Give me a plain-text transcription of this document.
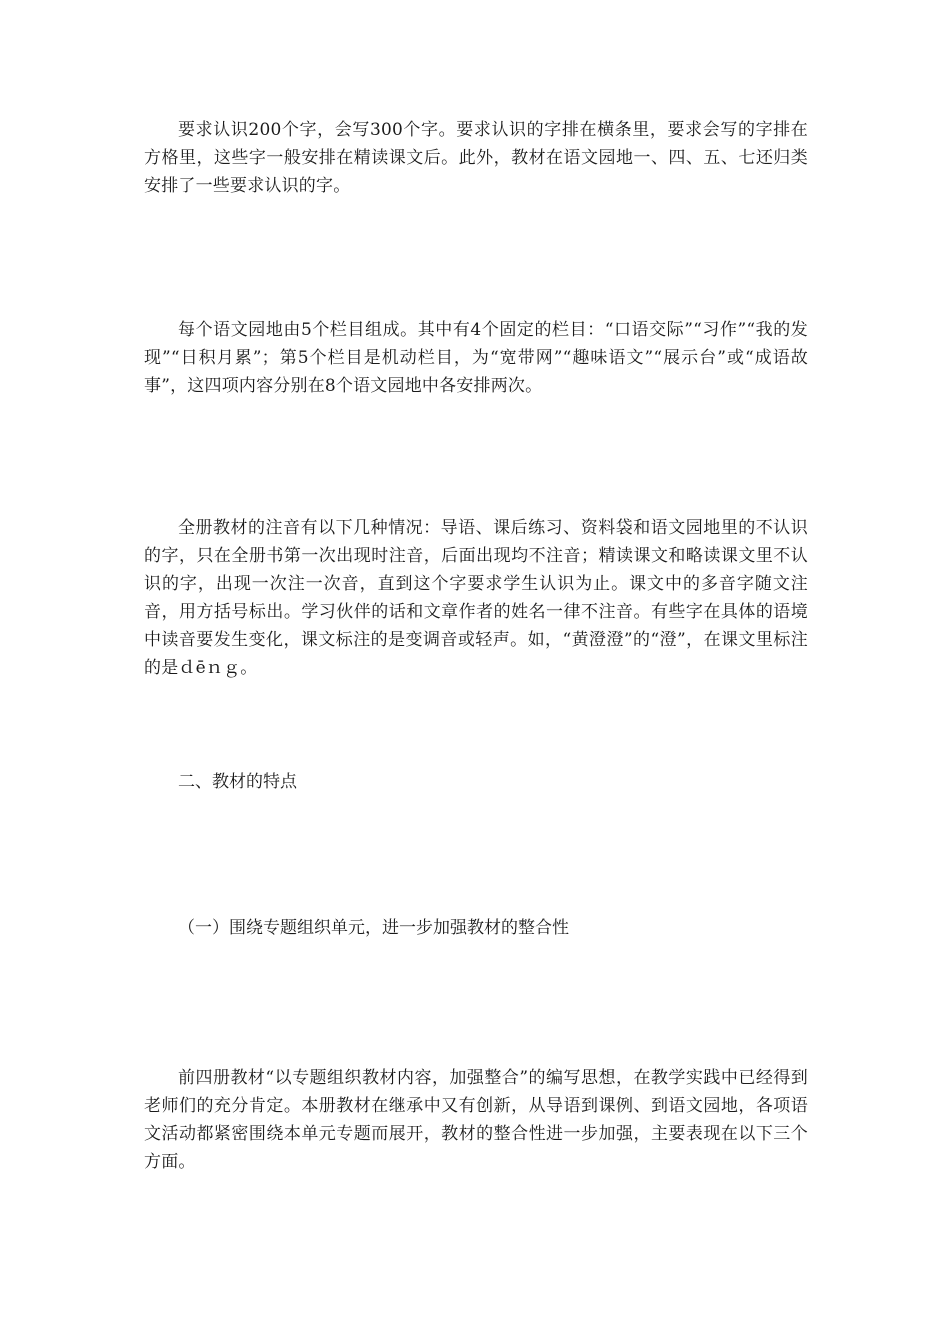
要求认识200个字，会写300个字。要求认识的字排在横条里，要求会写的字排在方格里，这些字一般安排在精读课文后。此外，教材在语文园地一、四、五、七还归类安排了一些要求认识的字。

每个语文园地由5个栏目组成。其中有4个固定的栏目：“口语交际”“习作”“我的发现”“日积月累”；第5个栏目是机动栏目，为“宽带网”“趣味语文”“展示台”或“成语故事”，这四项内容分别在8个语文园地中各安排两次。

全册教材的注音有以下几种情况：导语、课后练习、资料袋和语文园地里的不认识的字，只在全册书第一次出现时注音，后面出现均不注音；精读课文和略读课文里不认识的字，出现一次注一次音，直到这个字要求学生认识为止。课文中的多音字随文注音，用方括号标出。学习伙伴的话和文章作者的姓名一律不注音。有些字在具体的语境中读音要发生变化，课文标注的是变调音或轻声。如，“黄澄澄”的“澄”，在课文里标注的是ｄēｎｇ。

二、教材的特点
（一）围绕专题组织单元，进一步加强教材的整合性

前四册教材“以专题组织教材内容，加强整合”的编写思想，在教学实践中已经得到老师们的充分肯定。本册教材在继承中又有创新，从导语到课例、到语文园地，各项语文活动都紧密围绕本单元专题而展开，教材的整合性进一步加强，主要表现在以下三个方面。
